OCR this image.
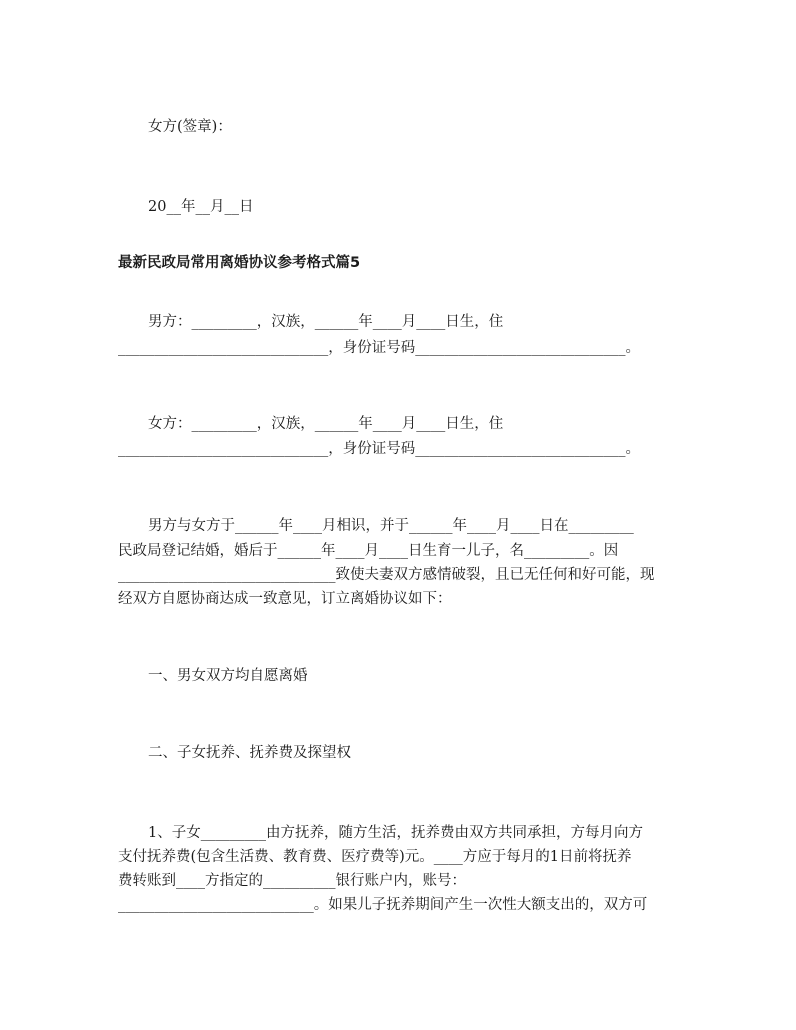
女方(签章)：
20__年__月__日
最新民政局常用离婚协议参考格式篇5
男方：_________，汉族，______年____月____日生，住
_____________________________，身份证号码_____________________________。
女方：_________，汉族，______年____月____日生，住
_____________________________，身份证号码_____________________________。
男方与女方于______年____月相识，并于______年____月____日在_________
民政局登记结婚，婚后于______年____月____日生育一儿子，名_________。因
______________________________致使夫妻双方感情破裂，且已无任何和好可能，现
经双方自愿协商达成一致意见，订立离婚协议如下：
一、男女双方均自愿离婚
二、子女抚养、抚养费及探望权
1、子女_________由方抚养，随方生活，抚养费由双方共同承担，方每月向方
支付抚养费(包含生活费、教育费、医疗费等)元。____方应于每月的1日前将抚养
费转账到____方指定的__________银行账户内，账号：
___________________________。如果儿子抚养期间产生一次性大额支出的，双方可
